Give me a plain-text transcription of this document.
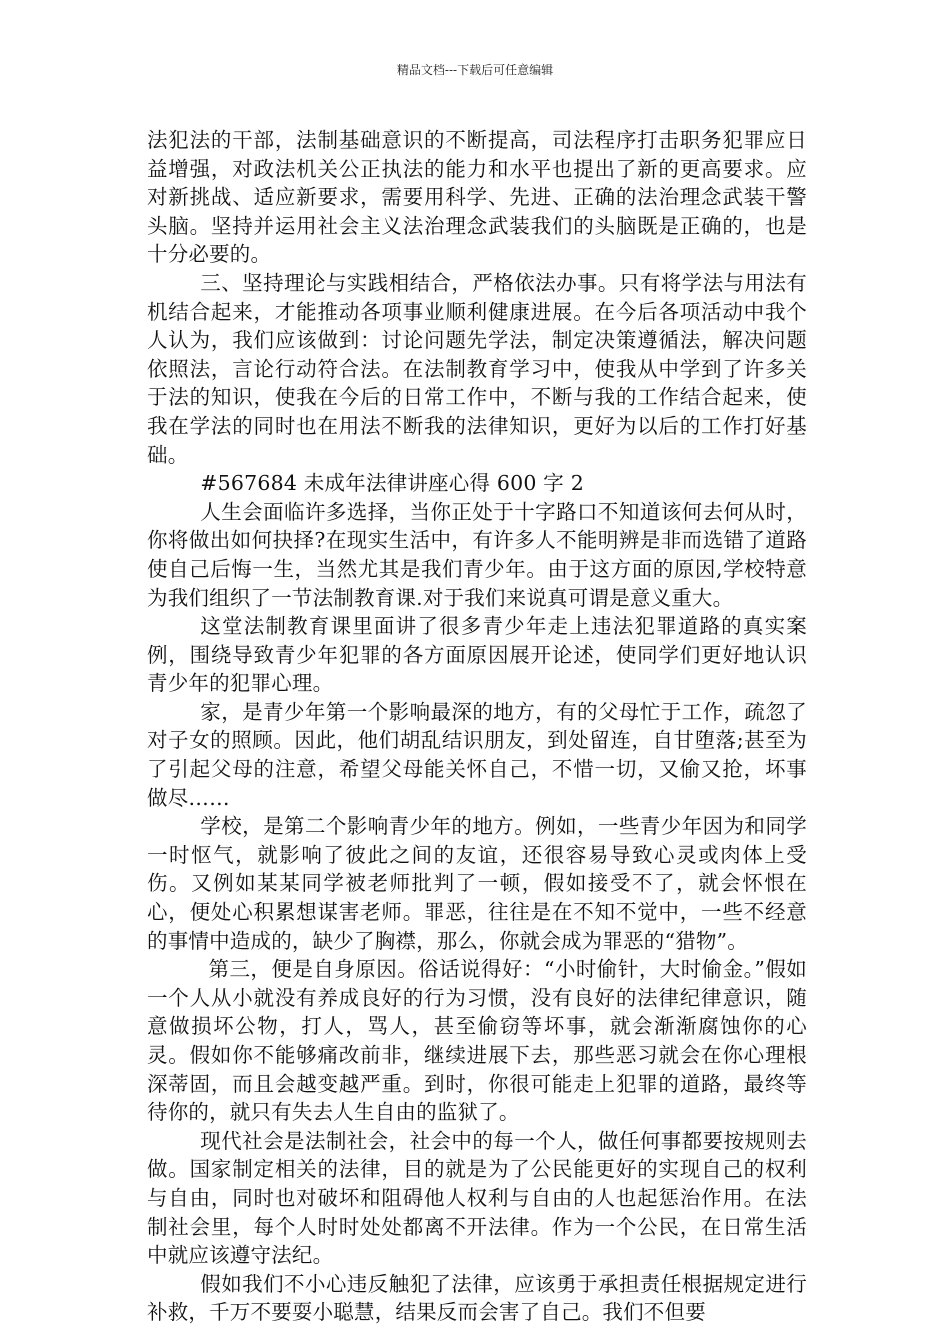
精品文档---下载后可任意编辑

法犯法的干部，法制基础意识的不断提高，司法程序打击职务犯罪应日益增强，对政法机关公正执法的能力和水平也提出了新的更高要求。应对新挑战、适应新要求，需要用科学、先进、正确的法治理念武装干警头脑。坚持并运用社会主义法治理念武装我们的头脑既是正确的，也是十分必要的。

三、坚持理论与实践相结合，严格依法办事。只有将学法与用法有机结合起来，才能推动各项事业顺利健康进展。在今后各项活动中我个人认为，我们应该做到：讨论问题先学法，制定决策遵循法，解决问题依照法，言论行动符合法。在法制教育学习中，使我从中学到了许多关于法的知识，使我在今后的日常工作中，不断与我的工作结合起来，使我在学法的同时也在用法不断我的法律知识，更好为以后的工作打好基础。

#567684 未成年法律讲座心得 600 字 2

人生会面临许多选择，当你正处于十字路口不知道该何去何从时，你将做出如何抉择?在现实生活中，有许多人不能明辨是非而选错了道路使自己后悔一生，当然尤其是我们青少年。由于这方面的原因,学校特意为我们组织了一节法制教育课.对于我们来说真可谓是意义重大。

这堂法制教育课里面讲了很多青少年走上违法犯罪道路的真实案例，围绕导致青少年犯罪的各方面原因展开论述，使同学们更好地认识青少年的犯罪心理。

家，是青少年第一个影响最深的地方，有的父母忙于工作，疏忽了对子女的照顾。因此，他们胡乱结识朋友，到处留连，自甘堕落;甚至为了引起父母的注意，希望父母能关怀自己，不惜一切，又偷又抢，坏事做尽……

学校，是第二个影响青少年的地方。例如，一些青少年因为和同学一时怄气，就影响了彼此之间的友谊，还很容易导致心灵或肉体上受伤。又例如某某同学被老师批判了一顿，假如接受不了，就会怀恨在心，便处心积累想谋害老师。罪恶，往往是在不知不觉中，一些不经意的事情中造成的，缺少了胸襟，那么，你就会成为罪恶的“猎物”。

第三，便是自身原因。俗话说得好：“小时偷针，大时偷金。”假如一个人从小就没有养成良好的行为习惯，没有良好的法律纪律意识，随意做损坏公物，打人，骂人，甚至偷窃等坏事，就会渐渐腐蚀你的心灵。假如你不能够痛改前非，继续进展下去，那些恶习就会在你心理根深蒂固，而且会越变越严重。到时，你很可能走上犯罪的道路，最终等待你的，就只有失去人生自由的监狱了。

现代社会是法制社会，社会中的每一个人，做任何事都要按规则去做。国家制定相关的法律，目的就是为了公民能更好的实现自己的权利与自由，同时也对破坏和阻碍他人权利与自由的人也起惩治作用。在法制社会里，每个人时时处处都离不开法律。作为一个公民，在日常生活中就应该遵守法纪。

假如我们不小心违反触犯了法律，应该勇于承担责任根据规定进行补救，千万不要耍小聪慧，结果反而会害了自己。我们不但要
